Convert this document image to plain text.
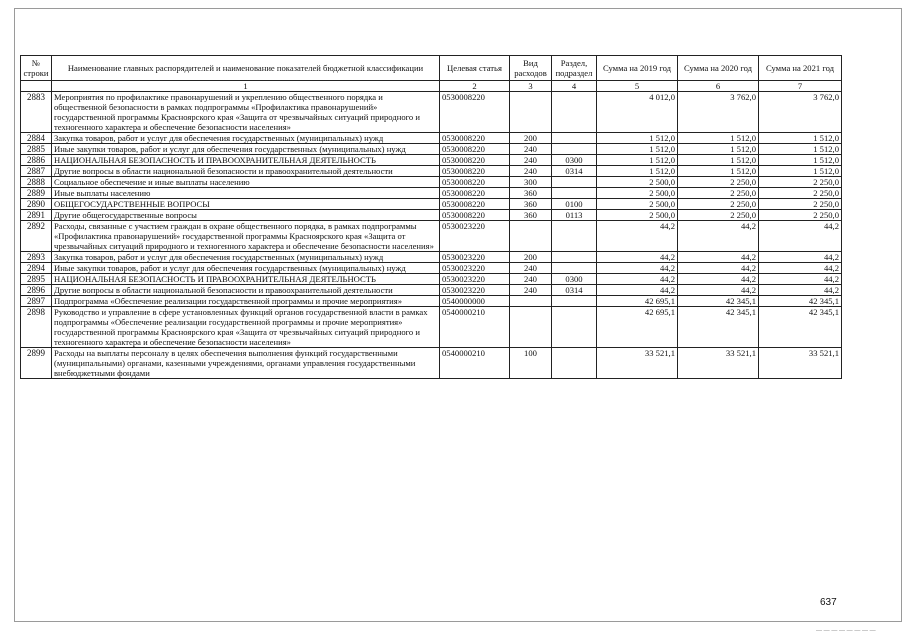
№ строки	Наименование главных распорядителей и наименование показателей бюджетной классификации	Целевая статья	Вид расходов	Раздел, подраздел	Сумма на 2019 год	Сумма на 2020 год	Сумма на 2021 год
	1	2	3	4	5	6	7
2883	Мероприятия по профилактике правонарушений и укреплению общественного порядка и общественной безопасности в рамках подпрограммы «Профилактика правонарушений» государственной программы Красноярского края «Защита от чрезвычайных ситуаций природного и техногенного характера и обеспечение безопасности населения»	0530008220			4 012,0	3 762,0	3 762,0
2884	Закупка товаров, работ и услуг для обеспечения государственных (муниципальных) нужд	0530008220	200		1 512,0	1 512,0	1 512,0
2885	Иные закупки товаров, работ и услуг для обеспечения государственных (муниципальных) нужд	0530008220	240		1 512,0	1 512,0	1 512,0
2886	НАЦИОНАЛЬНАЯ БЕЗОПАСНОСТЬ И ПРАВООХРАНИТЕЛЬНАЯ ДЕЯТЕЛЬНОСТЬ	0530008220	240	0300	1 512,0	1 512,0	1 512,0
2887	Другие вопросы в области национальной безопасности и правоохранительной деятельности	0530008220	240	0314	1 512,0	1 512,0	1 512,0
2888	Социальное обеспечение и иные выплаты населению	0530008220	300		2 500,0	2 250,0	2 250,0
2889	Иные выплаты населению	0530008220	360		2 500,0	2 250,0	2 250,0
2890	ОБЩЕГОСУДАРСТВЕННЫЕ ВОПРОСЫ	0530008220	360	0100	2 500,0	2 250,0	2 250,0
2891	Другие общегосударственные вопросы	0530008220	360	0113	2 500,0	2 250,0	2 250,0
2892	Расходы, связанные с участием граждан в охране общественного порядка, в рамках подпрограммы «Профилактика правонарушений» государственной программы Красноярского края «Защита от чрезвычайных ситуаций природного и техногенного характера и обеспечение безопасности населения»	0530023220			44,2	44,2	44,2
2893	Закупка товаров, работ и услуг для обеспечения государственных (муниципальных) нужд	0530023220	200		44,2	44,2	44,2
2894	Иные закупки товаров, работ и услуг для обеспечения государственных (муниципальных) нужд	0530023220	240		44,2	44,2	44,2
2895	НАЦИОНАЛЬНАЯ БЕЗОПАСНОСТЬ И ПРАВООХРАНИТЕЛЬНАЯ ДЕЯТЕЛЬНОСТЬ	0530023220	240	0300	44,2	44,2	44,2
2896	Другие вопросы в области национальной безопасности и правоохранительной деятельности	0530023220	240	0314	44,2	44,2	44,2
2897	Подпрограмма «Обеспечение реализации государственной программы и прочие мероприятия»	0540000000			42 695,1	42 345,1	42 345,1
2898	Руководство и управление в сфере установленных функций органов государственной власти в рамках подпрограммы «Обеспечение реализации государственной программы и прочие мероприятия» государственной программы Красноярского края «Защита от чрезвычайных ситуаций природного и техногенного характера и обеспечение безопасности населения»	0540000210			42 695,1	42 345,1	42 345,1
2899	Расходы на выплаты персоналу в целях обеспечения выполнения функций государственными (муниципальными) органами, казенными учреждениями, органами управления государственными внебюджетными фондами	0540000210	100		33 521,1	33 521,1	33 521,1
637
— — — — — — — —
